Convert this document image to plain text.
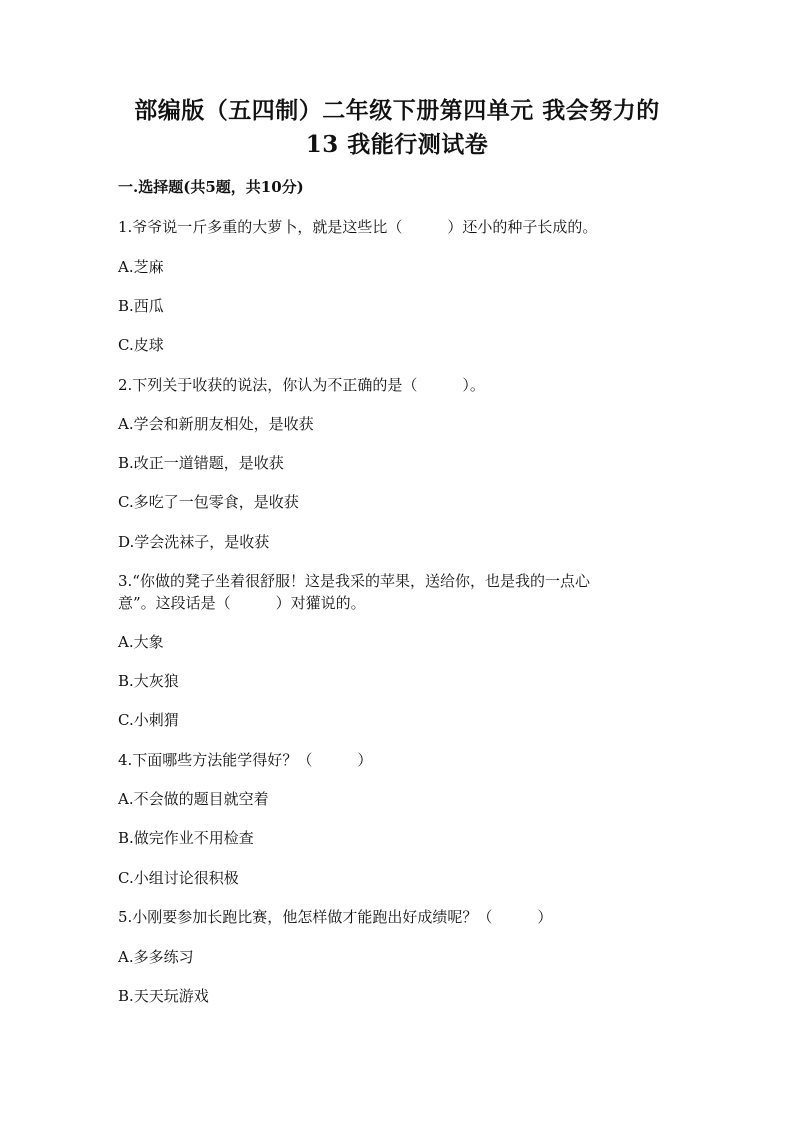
部编版（五四制）二年级下册第四单元 我会努力的
13 我能行测试卷
一.选择题(共5题，共10分)
1.爷爷说一斤多重的大萝卜，就是这些比（　　　）还小的种子长成的。
A.芝麻
B.西瓜
C.皮球
2.下列关于收获的说法，你认为不正确的是（　　　）。
A.学会和新朋友相处，是收获
B.改正一道错题，是收获
C.多吃了一包零食，是收获
D.学会洗袜子，是收获
3.“你做的凳子坐着很舒服！这是我采的苹果，送给你，也是我的一点心
意”。这段话是（　　　）对獾说的。
A.大象
B.大灰狼
C.小刺猬
4.下面哪些方法能学得好？（　　　）
A.不会做的题目就空着
B.做完作业不用检查
C.小组讨论很积极
5.小刚要参加长跑比赛，他怎样做才能跑出好成绩呢？（　　　）
A.多多练习
B.天天玩游戏
